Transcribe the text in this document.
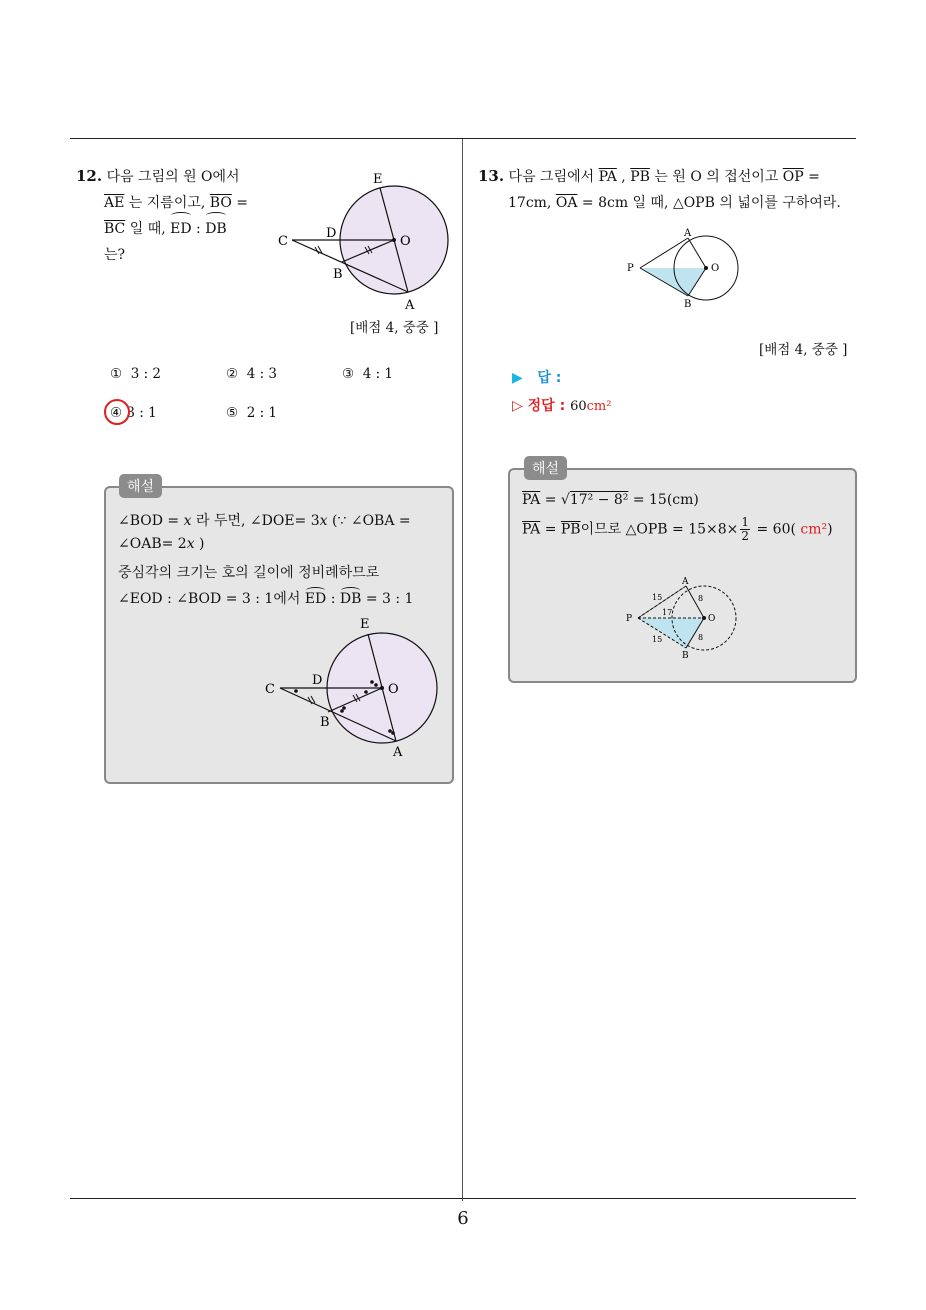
12. 다음 그림의 원 O에서
$\overline{AE}$ 는 지름이고, $\overline{BO}$ =
$\overline{BC}$ 일 때, ED : DB
는?
E
D
O
C
B
A
[배점 4, 중중 ]
① 3 : 2	② 4 : 3	③ 4 : 1
④ 3 : 1	⑤ 2 : 1
∠BOD = x 라 두면, ∠DOE= 3x (∵ ∠OBA =
∠OAB= 2x )
중심각의 크기는 호의 길이에 정비례하므로
∠EOD : ∠BOD = 3 : 1에서 ED : DB = 3 : 1
E
D
O
C
B
A
해설
13. 다음 그림에서 $\overline{PA}$ , $\overline{PB}$ 는 원 O 의 접선이고 $\overline{OP}$ =
17cm, $\overline{OA} = 8cm$ 일 때, △OPB 의 넓이를 구하여라.
P
A
B
O
[배점 4, 중중 ]
▶ 답 :
▷ 정답 : 60cm²
$\overline{PA} = √17^2 - 8^2 = 15(cm)$
$\overline{PA} = \overline{PB}$이므로 △OPB = $15\times 8\times \frac{1}{2} = 60$( cm²)
P
A
B
O
15
17
8
15	8
해설
6
